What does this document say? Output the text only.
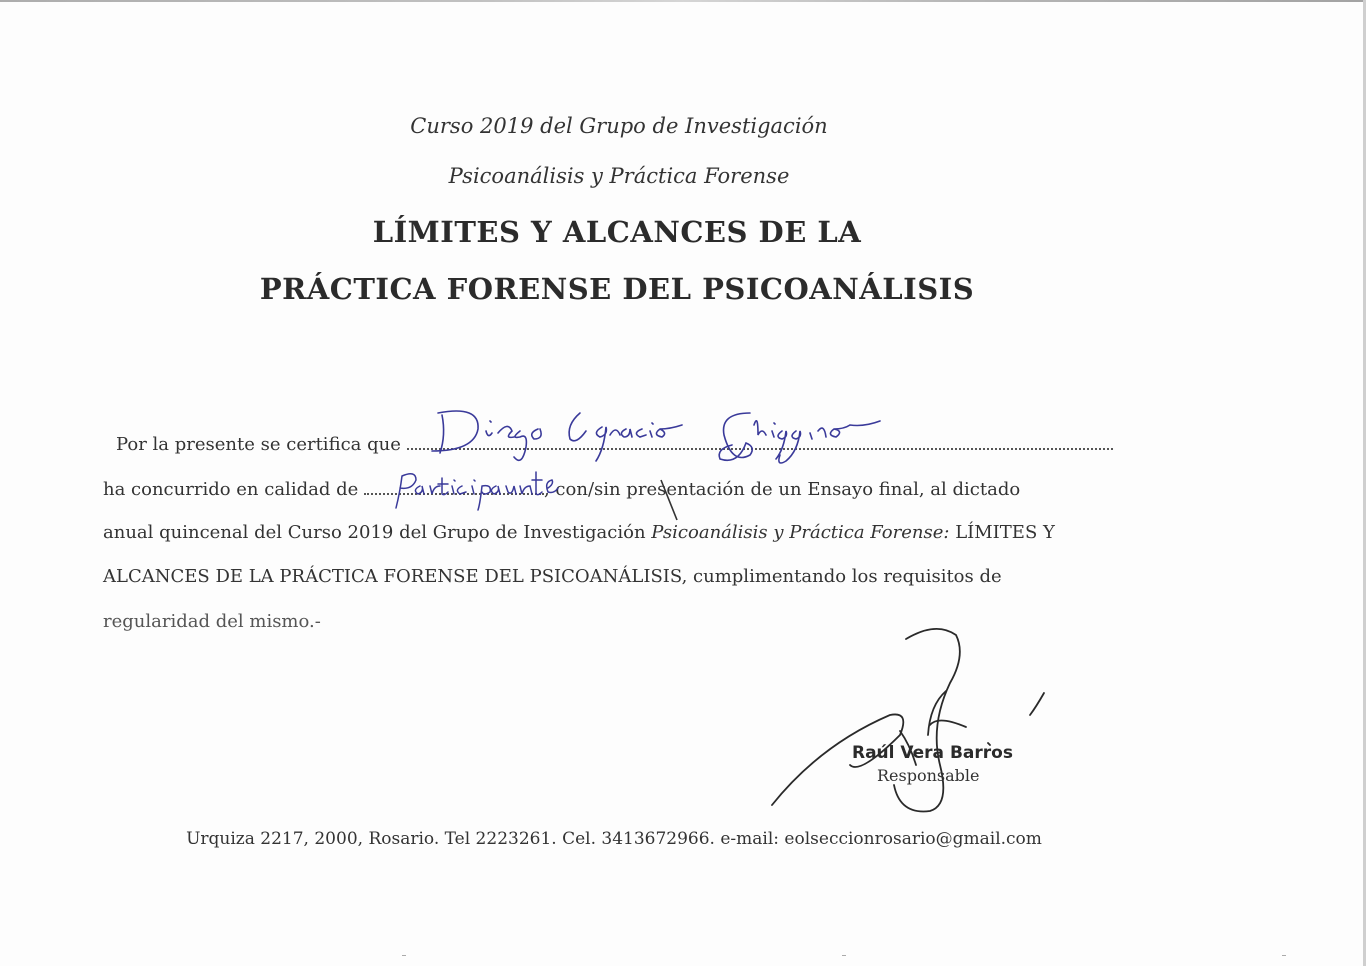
Curso 2019 del Grupo de Investigación
Psicoanálisis y Práctica Forense
LÍMITES Y ALCANCES DE LA
PRÁCTICA FORENSE DEL PSICOANÁLISIS
Por la presente se certifica que
ha concurrido en calidad de	, con/sin presentación de un Ensayo final, al dictado
anual quincenal del Curso 2019 del Grupo de Investigación Psicoanálisis y Práctica Forense: LÍMITES Y
ALCANCES DE LA PRÁCTICA FORENSE DEL PSICOANÁLISIS, cumplimentando los requisitos de
regularidad del mismo.-
Raúl Vera Barros
Responsable
Urquiza 2217, 2000, Rosario. Tel 2223261. Cel. 3413672966. e-mail: eolseccionrosario@gmail.com
